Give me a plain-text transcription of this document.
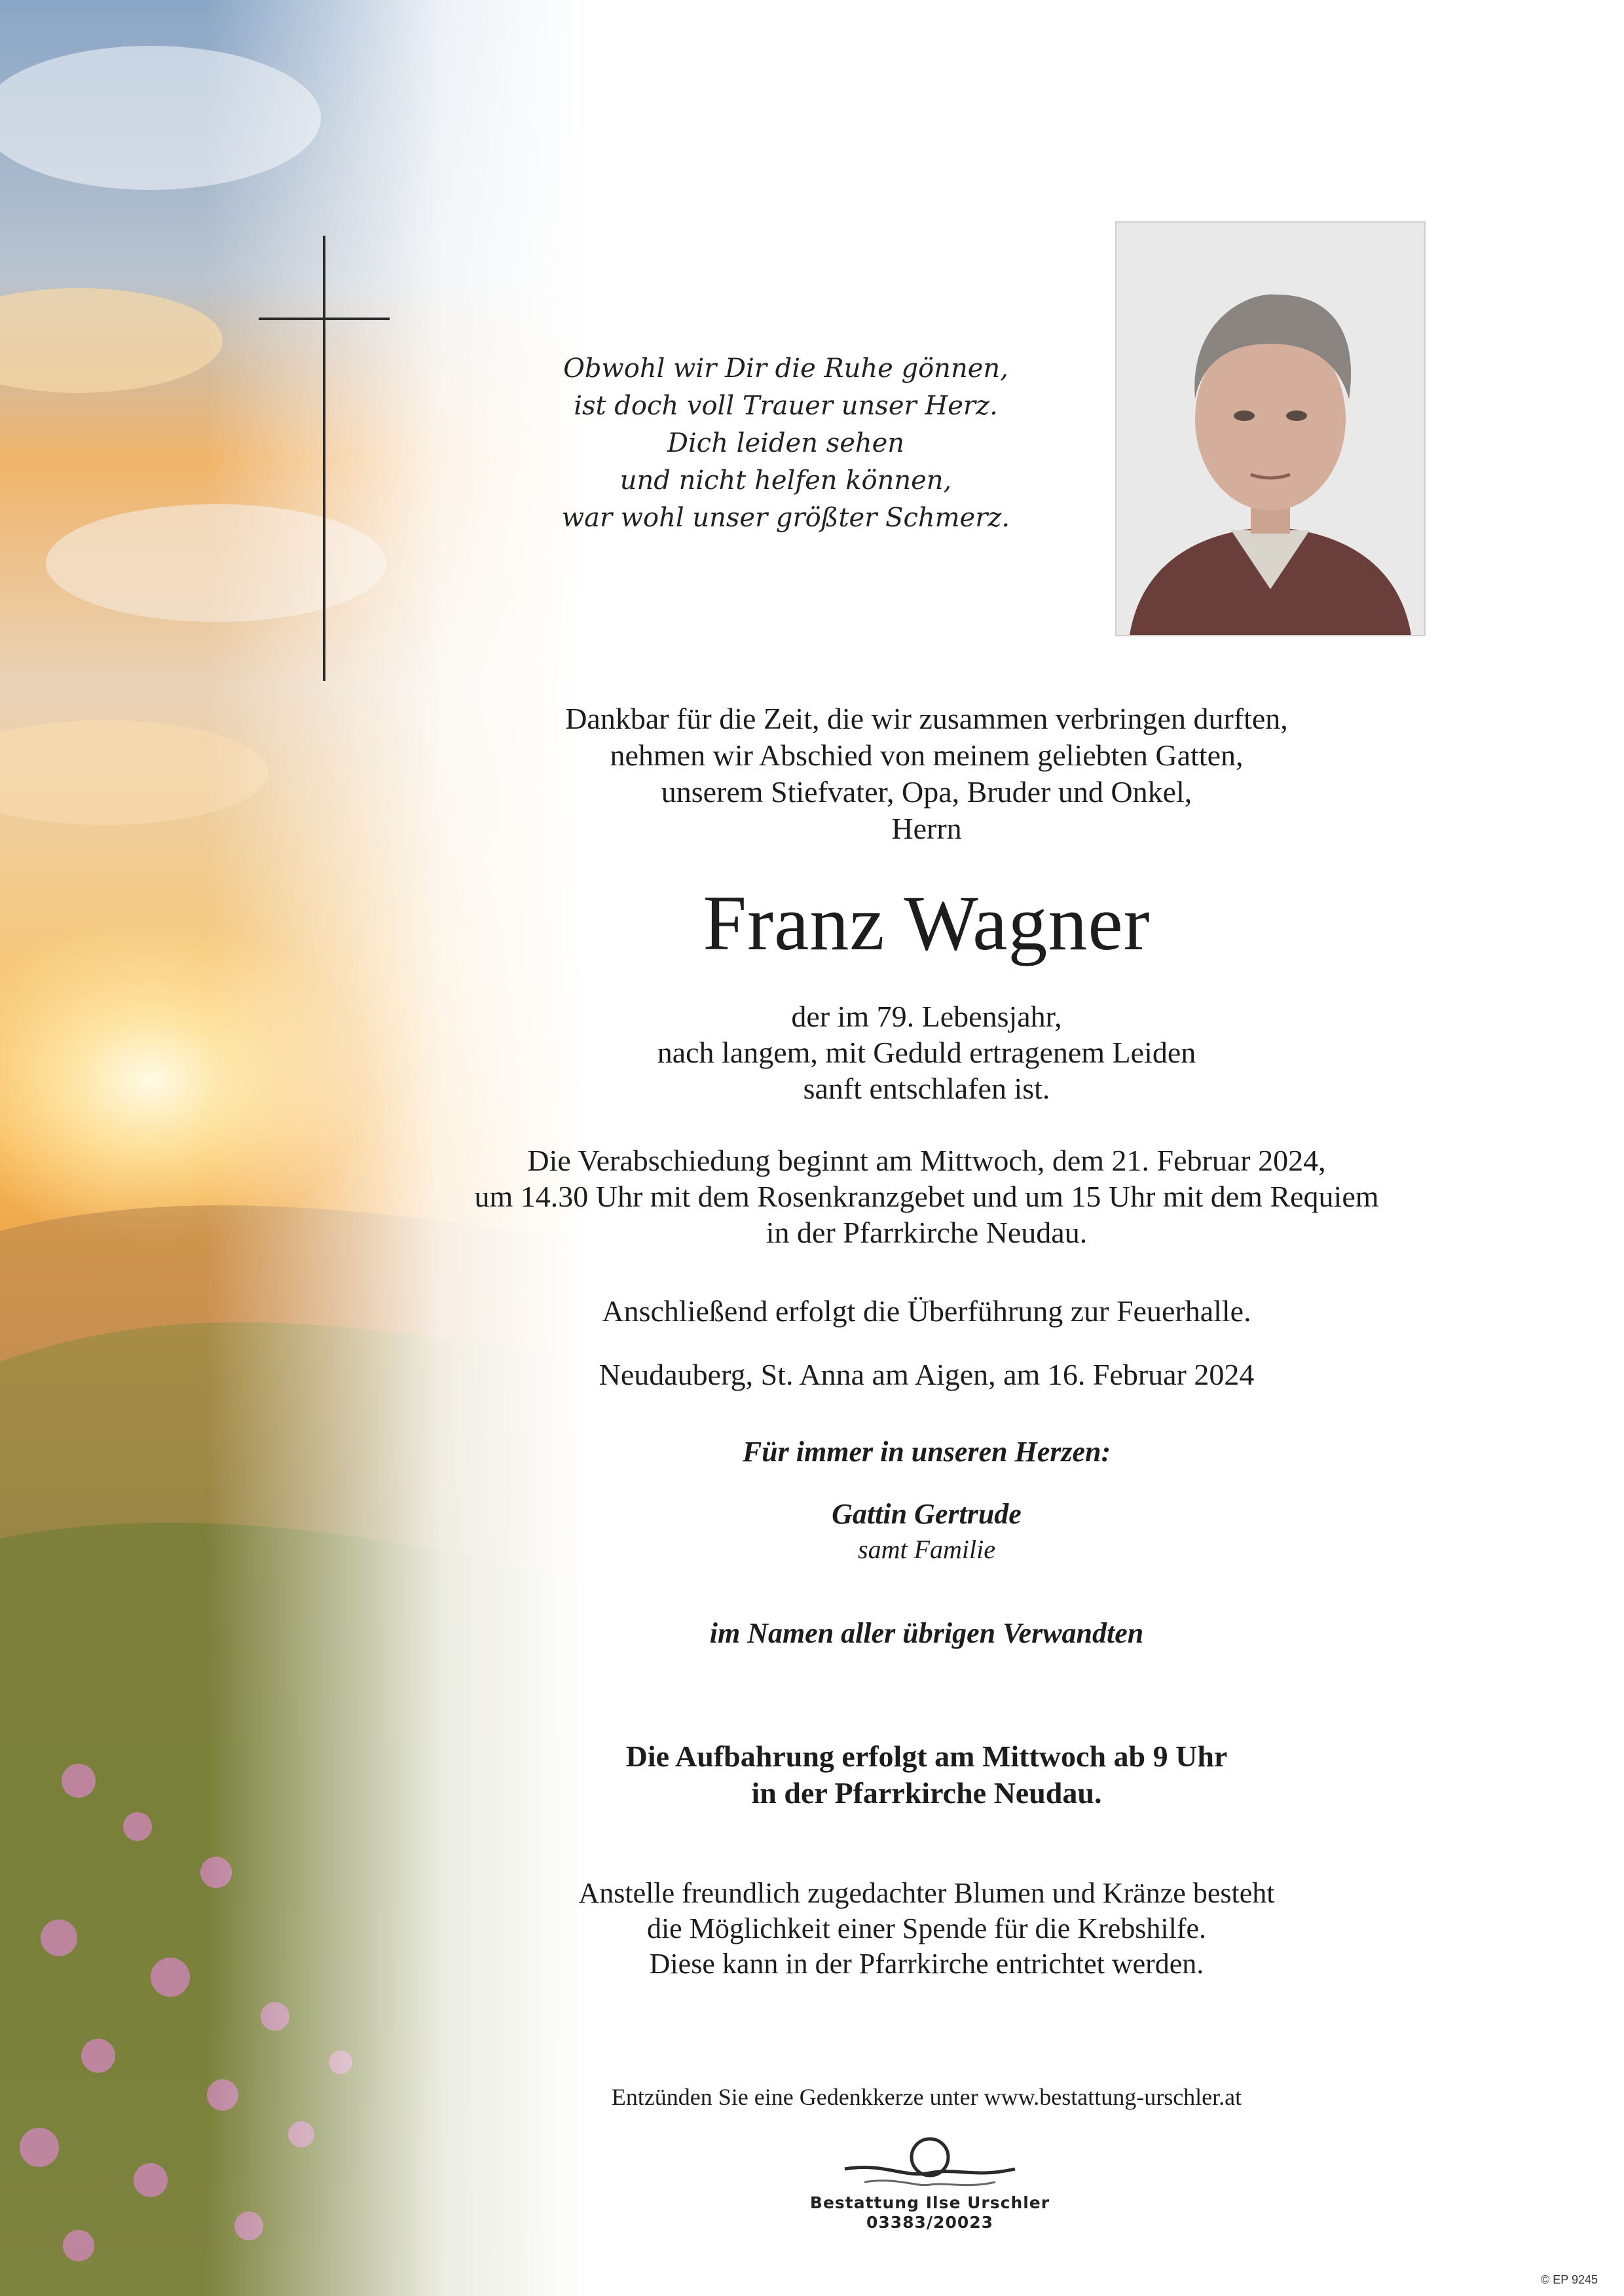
Obwohl wir Dir die Ruhe gönnen,
ist doch voll Trauer unser Herz.
Dich leiden sehen
und nicht helfen können,
war wohl unser größter Schmerz.
Dankbar für die Zeit, die wir zusammen verbringen durften,
nehmen wir Abschied von meinem geliebten Gatten,
unserem Stiefvater, Opa, Bruder und Onkel,
Herrn
Franz Wagner
der im 79. Lebensjahr,
nach langem, mit Geduld ertragenem Leiden
sanft entschlafen ist.
Die Verabschiedung beginnt am Mittwoch, dem 21. Februar 2024,
um 14.30 Uhr mit dem Rosenkranzgebet und um 15 Uhr mit dem Requiem
in der Pfarrkirche Neudau.
Anschließend erfolgt die Überführung zur Feuerhalle.
Neudauberg, St. Anna am Aigen, am 16. Februar 2024
Für immer in unseren Herzen:
Gattin Gertrude
samt Familie
im Namen aller übrigen Verwandten
Die Aufbahrung erfolgt am Mittwoch ab 9 Uhr
in der Pfarrkirche Neudau.
Anstelle freundlich zugedachter Blumen und Kränze besteht
die Möglichkeit einer Spende für die Krebshilfe.
Diese kann in der Pfarrkirche entrichtet werden.
Entzünden Sie eine Gedenkkerze unter www.bestattung-urschler.at
Bestattung Ilse Urschler
03383/20023
© EP 9245
